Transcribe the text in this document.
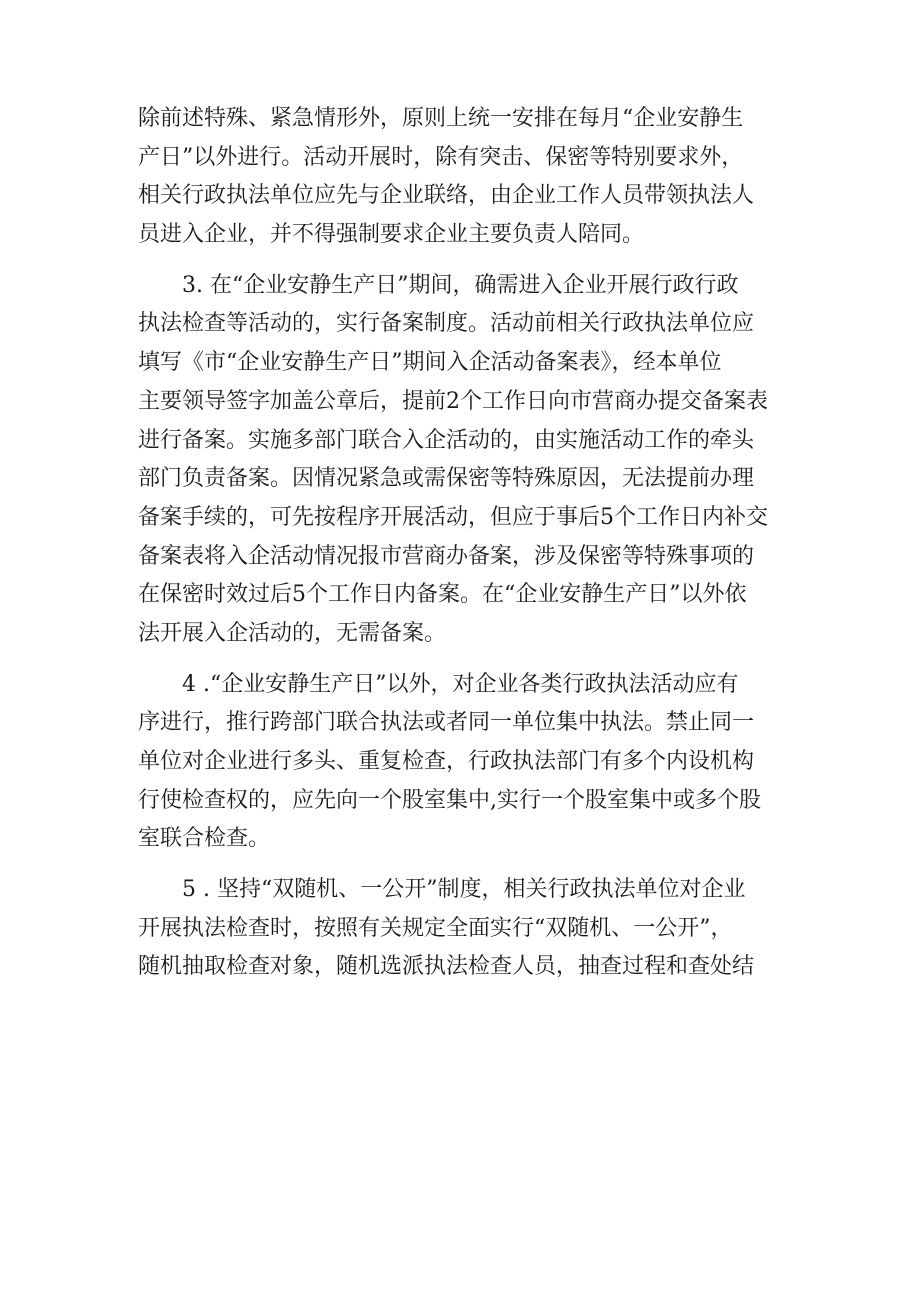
除前述特殊、紧急情形外，原则上统一安排在每月“企业安静生
产日”以外进行。活动开展时，除有突击、保密等特别要求外，
相关行政执法单位应先与企业联络，由企业工作人员带领执法人
员进入企业，并不得强制要求企业主要负责人陪同。
3. 在“企业安静生产日”期间，确需进入企业开展行政行政
执法检查等活动的，实行备案制度。活动前相关行政执法单位应
填写《市“企业安静生产日”期间入企活动备案表》，经本单位
主要领导签字加盖公章后，提前2个工作日向市营商办提交备案表
进行备案。实施多部门联合入企活动的，由实施活动工作的牵头
部门负责备案。因情况紧急或需保密等特殊原因，无法提前办理
备案手续的，可先按程序开展活动，但应于事后5个工作日内补交
备案表将入企活动情况报市营商办备案，涉及保密等特殊事项的
在保密时效过后5个工作日内备案。在“企业安静生产日”以外依
法开展入企活动的，无需备案。
4 .“企业安静生产日”以外，对企业各类行政执法活动应有
序进行，推行跨部门联合执法或者同一单位集中执法。禁止同一
单位对企业进行多头、重复检查，行政执法部门有多个内设机构
行使检查权的，应先向一个股室集中,实行一个股室集中或多个股
室联合检查。
5 . 坚持“双随机、一公开”制度，相关行政执法单位对企业
开展执法检查时，按照有关规定全面实行“双随机、一公开”，
随机抽取检查对象，随机选派执法检查人员，抽查过程和查处结
